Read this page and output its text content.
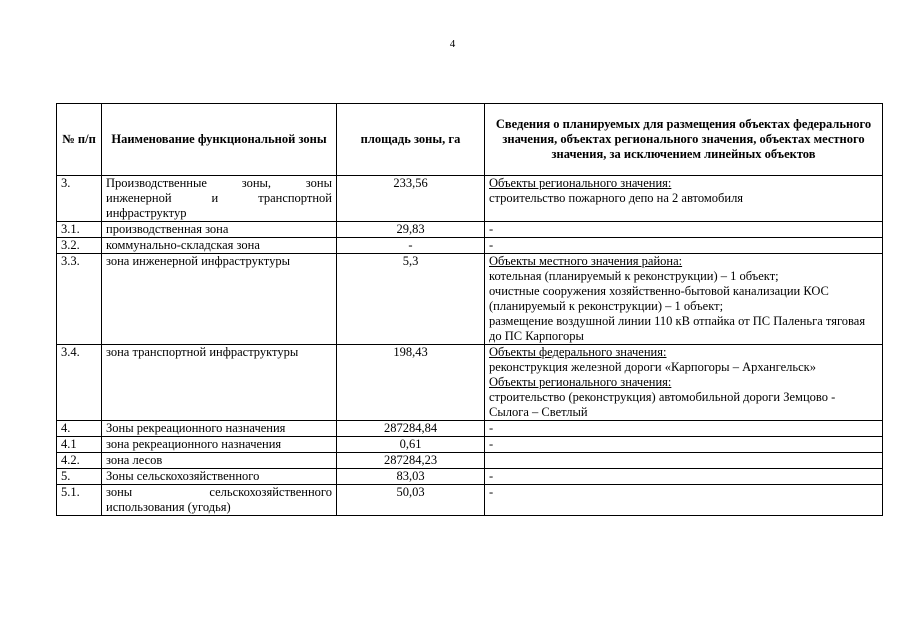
4
№ п/п	Наименование функциональной зоны	площадь зоны, га	Сведения о планируемых для размещения объектах федерального значения, объектах регионального значения, объектах местного значения, за исключением линейных объектов
3.	Производственные зоны, зоны инженерной и транспортной инфраструктур	233,56	Объекты регионального значения:
строительство пожарного депо на 2 автомобиля

3.1.	производственная зона	29,83	-

3.2.	коммунально-складская зона	-	-

3.3.	зона инженерной инфраструктуры	5,3	Объекты местного значения района:
котельная (планируемый к реконструкции) – 1 объект;
очистные сооружения хозяйственно-бытовой канализации КОС (планируемый к реконструкции) – 1 объект;
размещение воздушной линии 110 кВ отпайка от ПС Паленьга тяговая до ПС Карпогоры

3.4.	зона транспортной инфраструктуры	198,43	Объекты федерального значения:
реконструкция железной дороги «Карпогоры – Архангельск»
Объекты регионального значения:
строительство (реконструкция) автомобильной дороги Земцово - Сылога – Светлый

4.	Зоны рекреационного назначения	287284,84	-

4.1	зона рекреационного назначения	0,61	-

4.2.	зона лесов	287284,23	
5.	Зоны сельскохозяйственного	83,03	-

5.1.	зоны сельскохозяйственного использования (угодья)	50,03	-
